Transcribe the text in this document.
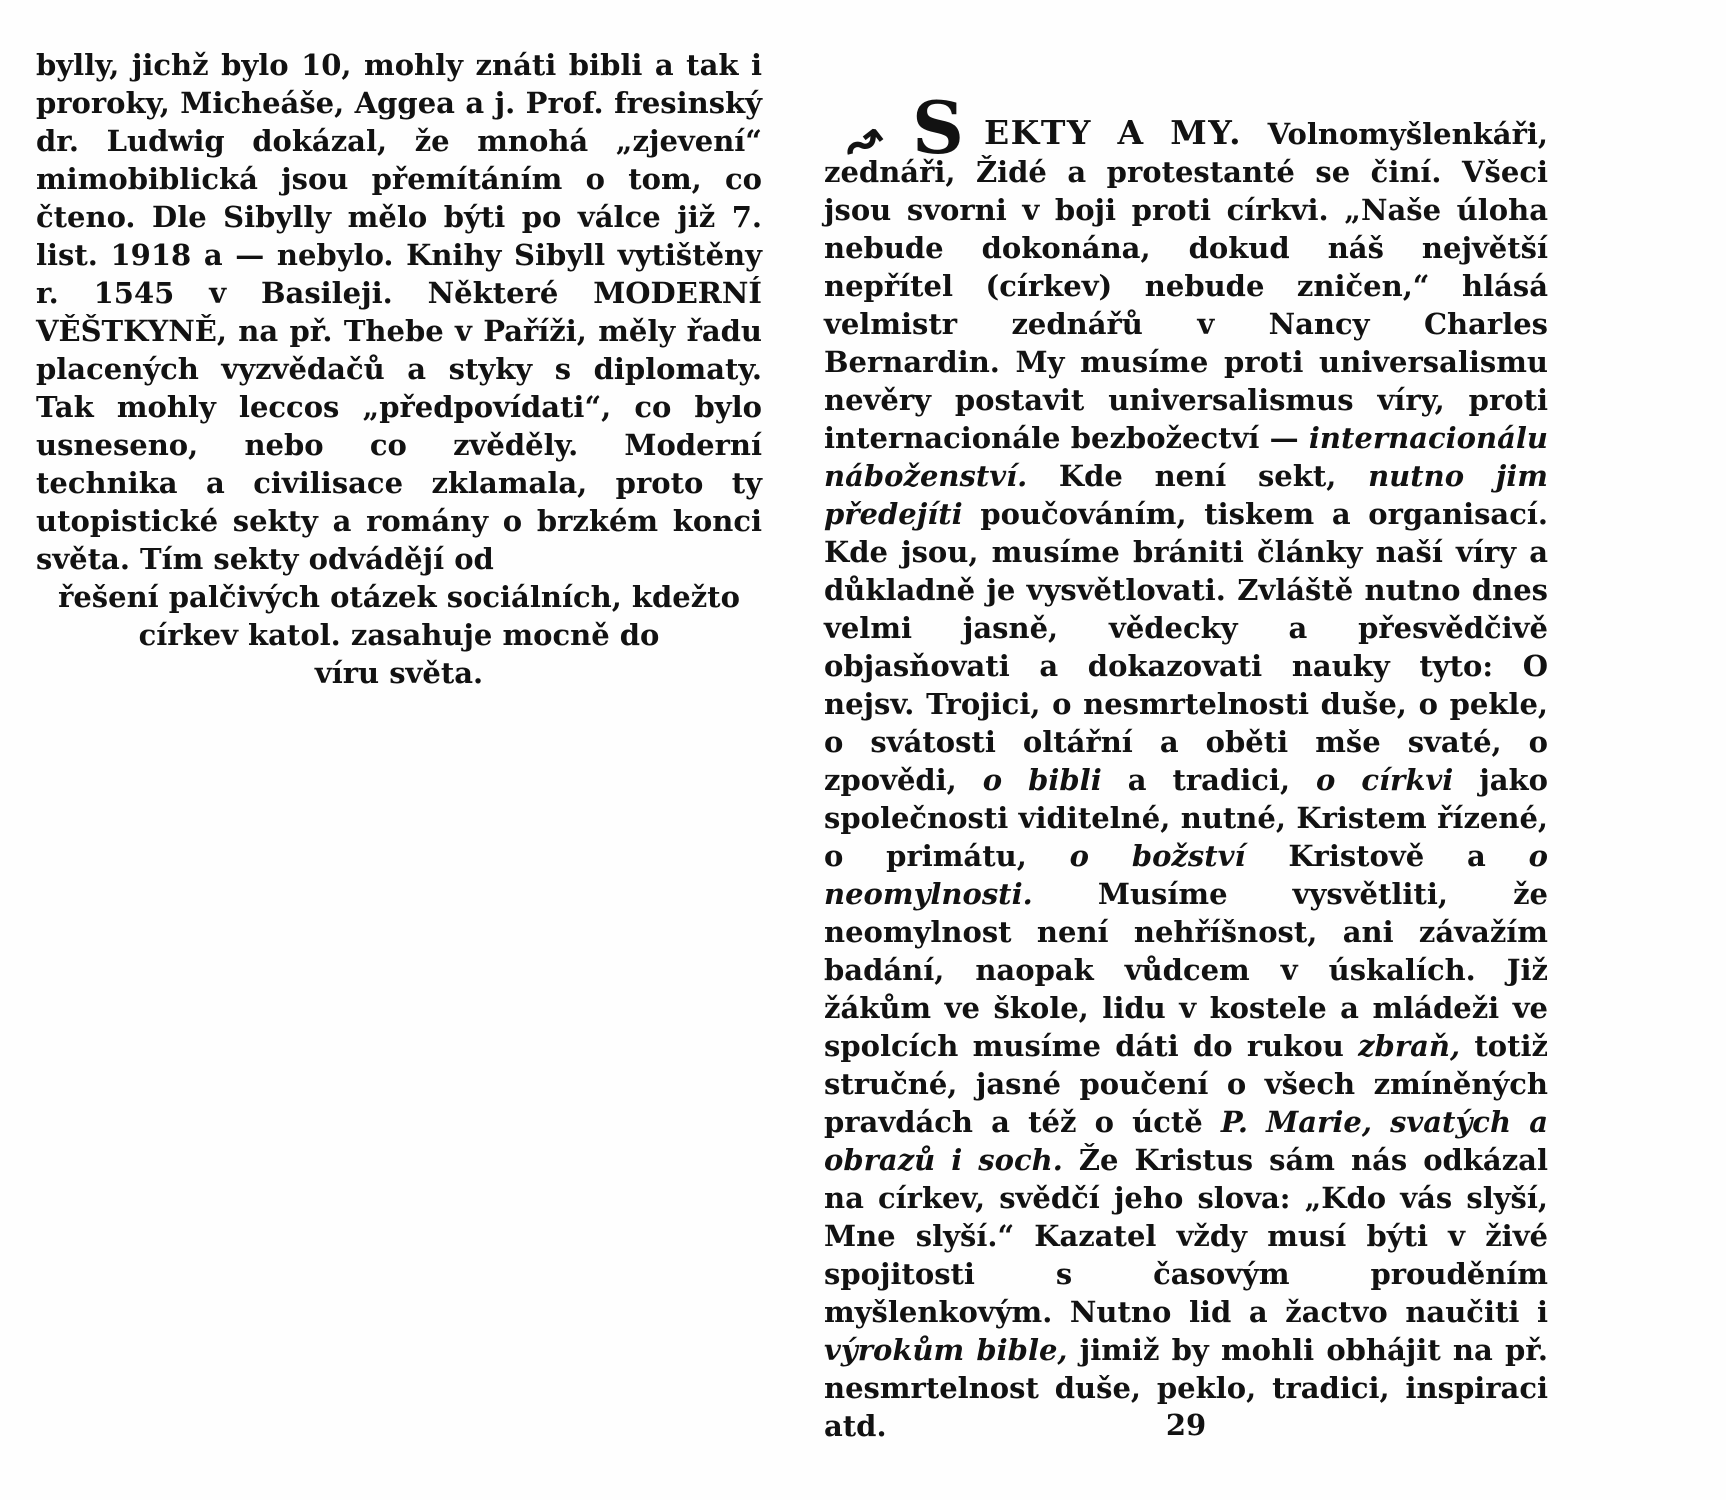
bylly, jichž bylo 10, mohly znáti bibli a tak i proroky, Micheáše, Aggea a j. Prof. fresinský dr. Ludwig dokázal, že mnohá „zjevení“ mimobiblická jsou přemítáním o tom, co čteno. Dle Sibylly mělo býti po válce již 7. list. 1918 a — nebylo. Knihy Sibyll vytištěny r. 1545 v Basileji. Některé MODERNÍ VĚŠTKYNĚ, na př. Thebe v Paříži, měly řadu placených vyzvědačů a styky s diplomaty. Tak mohly leccos „předpovídati“, co bylo usneseno, nebo co zvěděly. Moderní technika a civilisace zklamala, proto ty utopistické sekty a romány o brzkém konci světa. Tím sekty odvádějí od

řešení palčivých otázek sociálních, kdežto
církev katol. zasahuje mocně do
víru světa.

↝ S EKTY A MY. Volnomyšlenkáři, zednáři, Židé a protestanté se činí. Všeci jsou svorni v boji proti církvi. „Naše úloha nebude dokonána, dokud náš největší nepřítel (církev) nebude zničen,“ hlásá velmistr zednářů v Nancy Charles Bernardin. My musíme proti universalismu nevěry postavit universalismus víry, proti internacionále bezbožectví — internacionálu náboženství. Kde není sekt, nutno jim předejíti poučováním, tiskem a organisací. Kde jsou, musíme brániti články naší víry a důkladně je vysvětlovati. Zvláště nutno dnes velmi jasně, vědecky a přesvědčivě objasňovati a dokazovati nauky tyto: O nejsv. Trojici, o nesmrtelnosti duše, o pekle, o svátosti oltářní a oběti mše svaté, o zpovědi, o bibli a tradici, o církvi jako společnosti viditelné, nutné, Kristem řízené, o primátu, o božství Kristově a o neomylnosti. Musíme vysvětliti, že neomylnost není nehříšnost, ani závažím badání, naopak vůdcem v úskalích. Již žákům ve škole, lidu v kostele a mládeži ve spolcích musíme dáti do rukou zbraň, totiž stručné, jasné poučení o všech zmíněných pravdách a též o úctě P. Marie, svatých a obrazů i soch. Že Kristus sám nás odkázal na církev, svědčí jeho slova: „Kdo vás slyší, Mne slyší.“ Kazatel vždy musí býti v živé spojitosti s časovým prouděním myšlenkovým. Nutno lid a žactvo naučiti i výrokům bible, jimiž by mohli obhájit na př. nesmrtelnost duše, peklo, tradici, inspiraci atd.	29
